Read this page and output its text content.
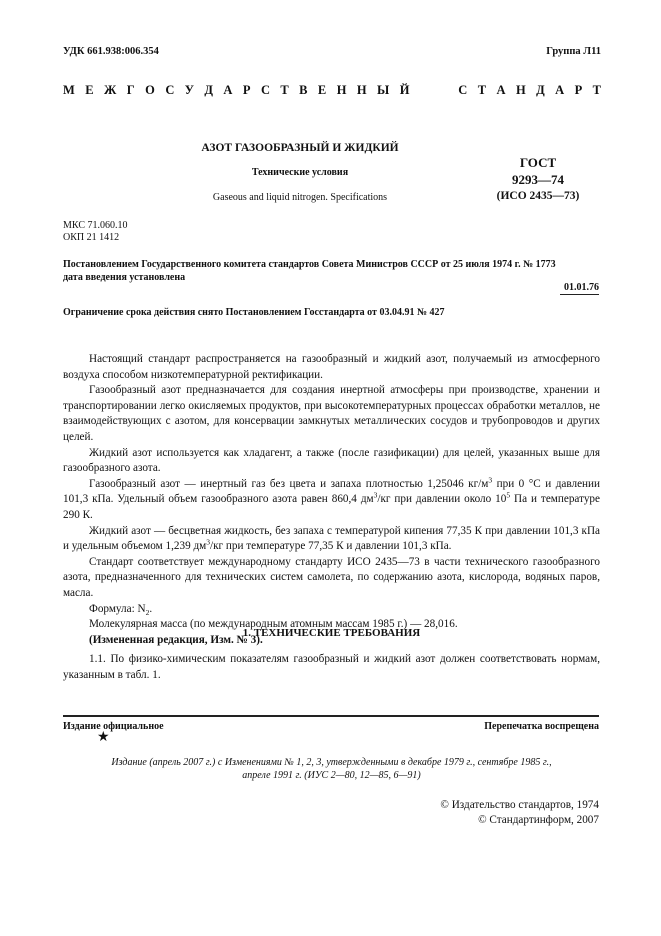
УДК 661.938:006.354	Группа Л11
М Е Ж Г О С У Д А Р С Т В Е Н Н Ы Й	С Т А Н Д А Р Т
АЗОТ ГАЗООБРАЗНЫЙ И ЖИДКИЙ
Технические условия
Gaseous and liquid nitrogen. Specifications
ГОСТ
9293—74
(ИСО 2435—73)
МКС 71.060.10
ОКП 21 1412
Постановлением Государственного комитета стандартов Совета Министров СССР от 25 июля 1974 г. № 1773
дата введения установлена
01.01.76
Ограничение срока действия снято Постановлением Госстандарта от 03.04.91 № 427

Настоящий стандарт распространяется на газообразный и жидкий азот, получаемый из атмосферного воздуха способом низкотемпературной ректификации.

Газообразный азот предназначается для создания инертной атмосферы при производстве, хранении и транспортировании легко окисляемых продуктов, при высокотемпературных процессах обработки металлов, не взаимодействующих с азотом, для консервации замкнутых металлических сосудов и трубопроводов и других целей.

Жидкий азот используется как хладагент, а также (после газификации) для целей, указанных выше для газообразного азота.

Газообразный азот — инертный газ без цвета и запаха плотностью 1,25046 $кг/м^3$ при 0 °С и давлении 101,3 кПа. Удельный объем газообразного азота равен 860,4 $дм^3/кг$ при давлении около $10^5$ Па и температуре 290 К.

Жидкий азот — бесцветная жидкость, без запаха с температурой кипения 77,35 К при давлении 101,3 кПа и удельным объемом 1,239 $дм^3/кг$ при температуре 77,35 К и давлении 101,3 кПа.

Стандарт соответствует международному стандарту ИСО 2435—73 в части технического газообразного азота, предназначенного для технических систем самолета, по содержанию азота, кислорода, водяных паров, масла.

Формула: $N_2$.

Молекулярная масса (по международным атомным массам 1985 г.) — 28,016.

(Измененная редакция, Изм. № 3).

1. ТЕХНИЧЕСКИЕ ТРЕБОВАНИЯ

1.1. По физико-химическим показателям газообразный и жидкий азот должен соответствовать нормам, указанным в табл. 1.

Издание официальное	Перепечатка воспрещена
★
Издание (апрель 2007 г.) с Изменениями № 1, 2, 3, утвержденными в декабре 1979 г., сентябре 1985 г.,
апреле 1991 г. (ИУС 2—80, 12—85, 6—91)
© Издательство стандартов, 1974
© Стандартинформ, 2007
